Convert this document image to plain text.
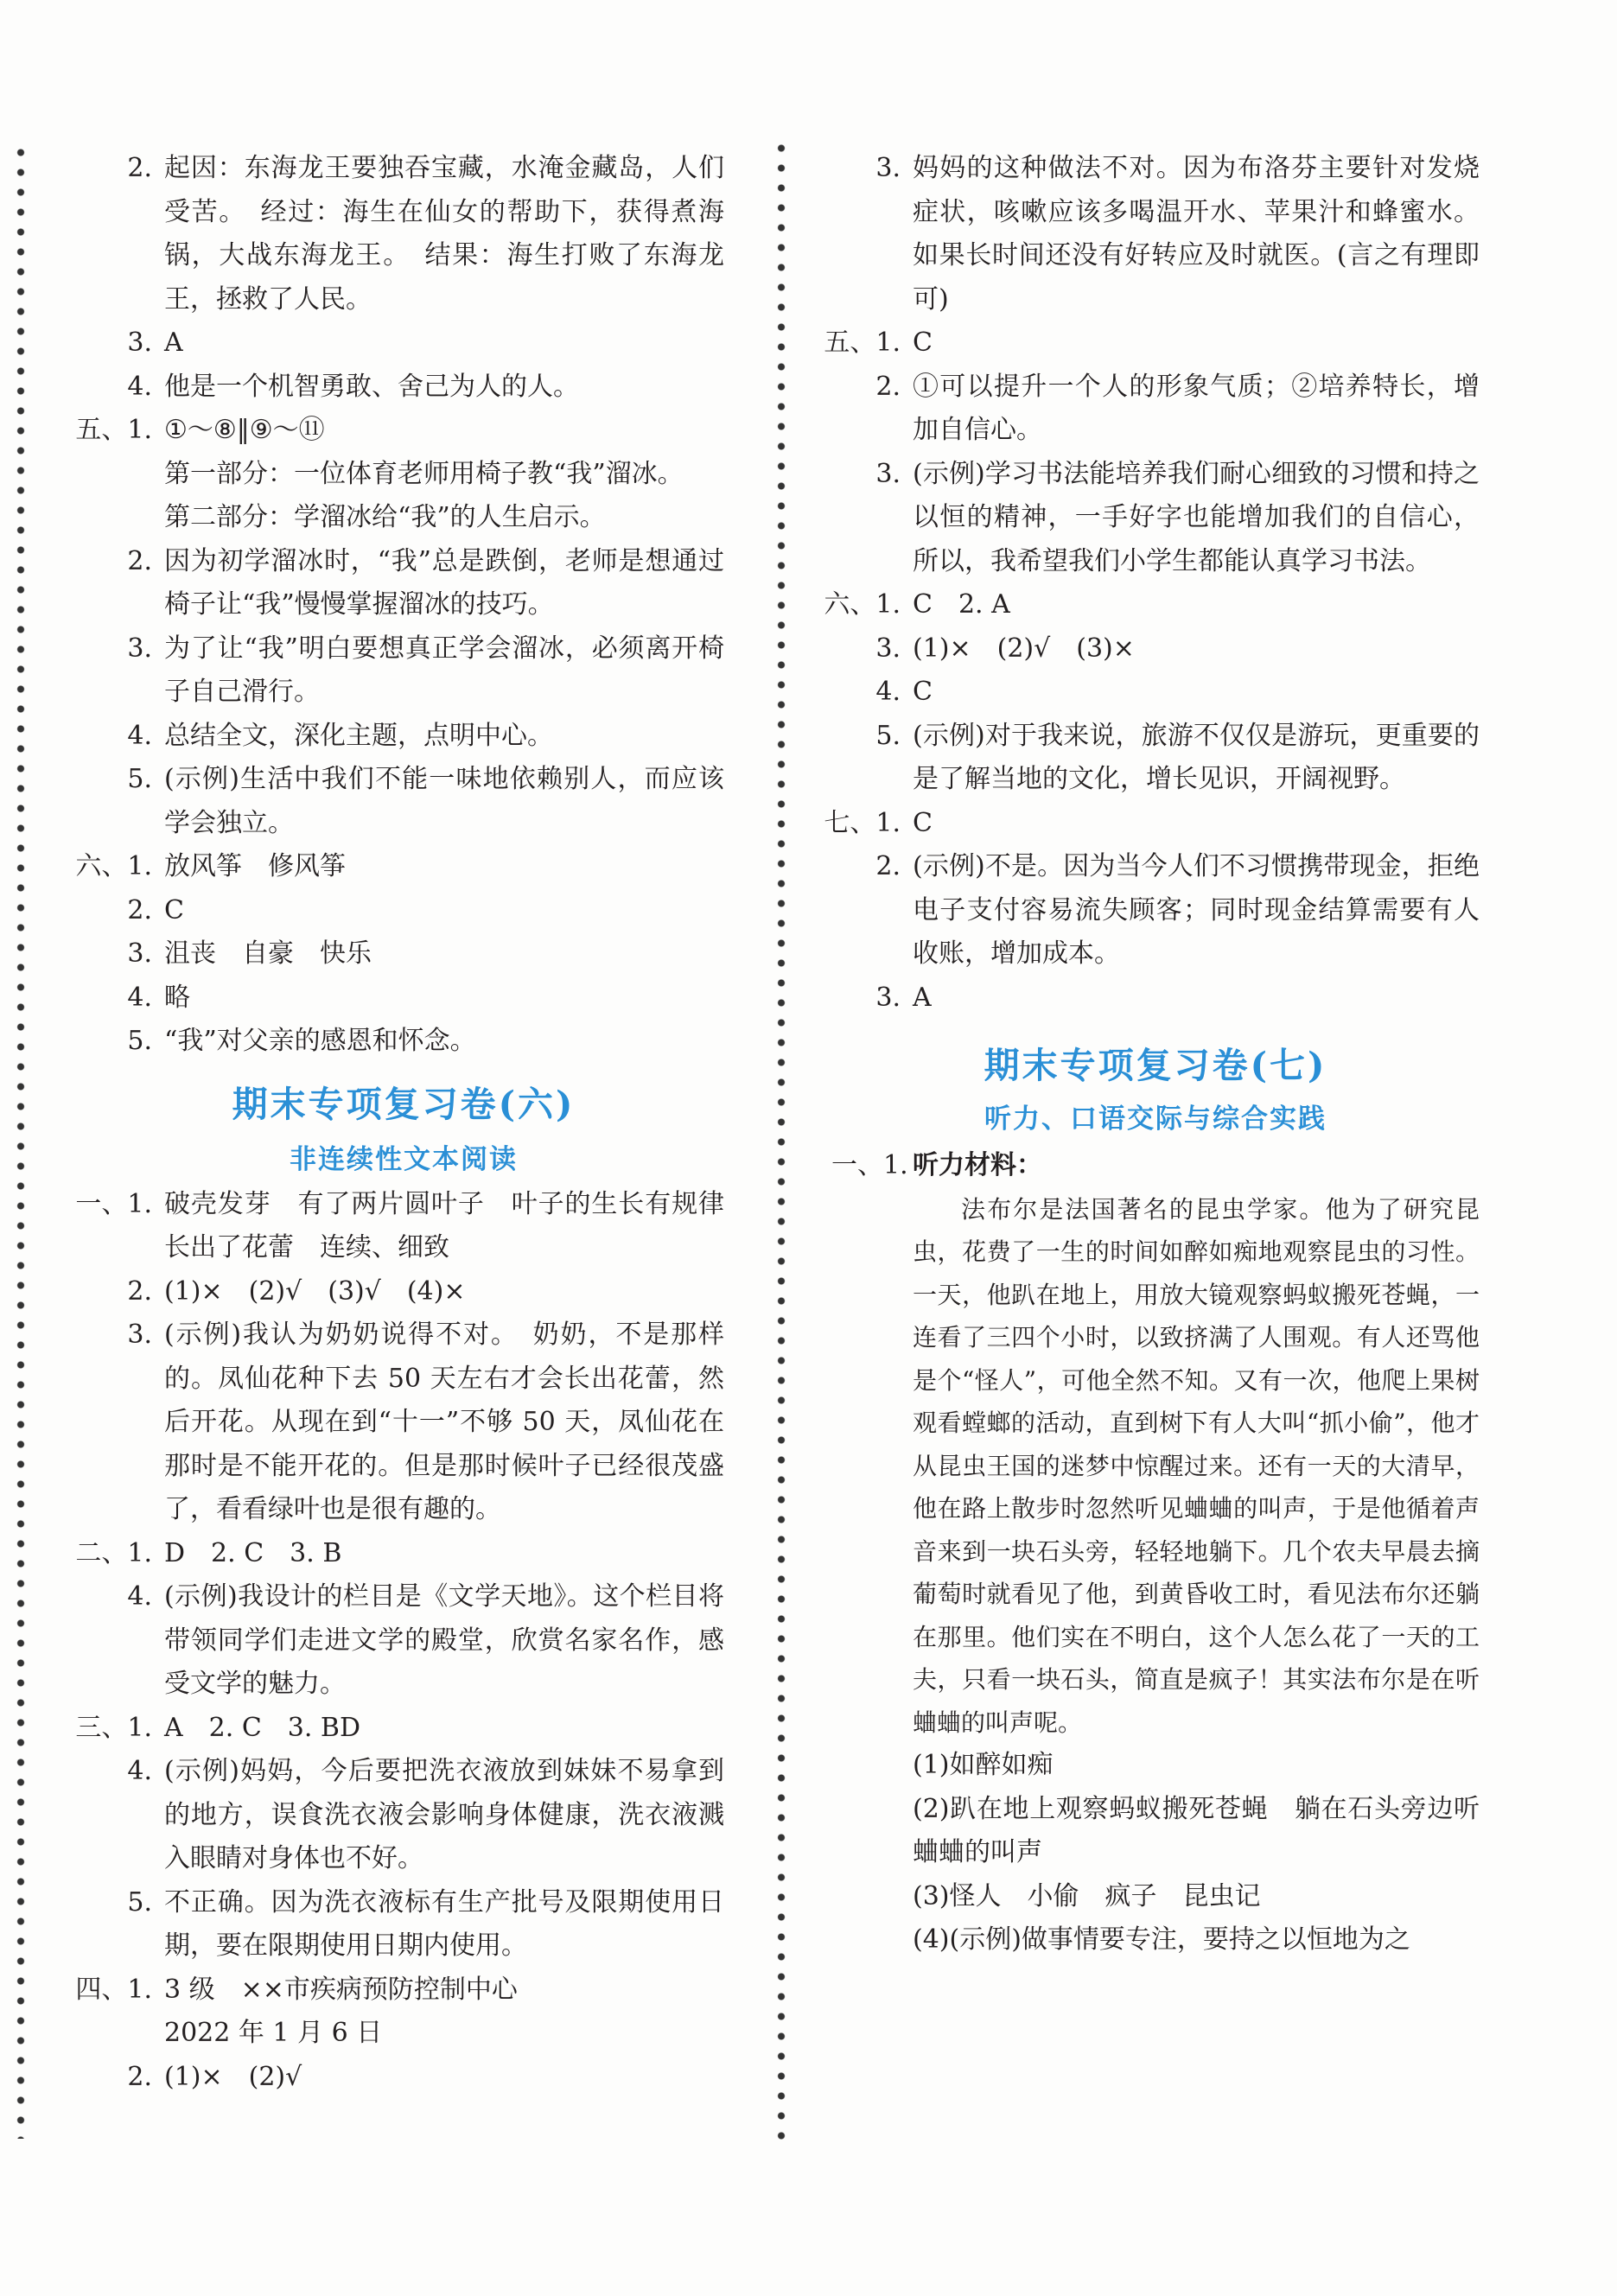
2. 起因：东海龙王要独吞宝藏，水淹金藏岛，人们受苦。　经过：海生在仙女的帮助下，获得煮海锅，大战东海龙王。　结果：海生打败了东海龙王，拯救了人民。

3. A

4. 他是一个机智勇敢、舍己为人的人。

五、1. ①～⑧‖⑨～⑪

第一部分：一位体育老师用椅子教“我”溜冰。

第二部分：学溜冰给“我”的人生启示。

2. 因为初学溜冰时，“我”总是跌倒，老师是想通过椅子让“我”慢慢掌握溜冰的技巧。

3. 为了让“我”明白要想真正学会溜冰，必须离开椅子自己滑行。

4. 总结全文，深化主题，点明中心。

5. (示例)生活中我们不能一味地依赖别人，而应该学会独立。

六、1. 放风筝　修风筝

2. C

3. 沮丧　自豪　快乐

4. 略

5. “我”对父亲的感恩和怀念。

期末专项复习卷(六)
非连续性文本阅读
一、1. 破壳发芽　有了两片圆叶子　叶子的生长有规律　长出了花蕾　连续、细致

2. (1)×　(2)√　(3)√　(4)×

3. (示例)我认为奶奶说得不对。　奶奶，不是那样的。凤仙花种下去 50 天左右才会长出花蕾，然后开花。从现在到“十一”不够 50 天，凤仙花在那时是不能开花的。但是那时候叶子已经很茂盛了，看看绿叶也是很有趣的。

二、1. D　2. C　3. B

4. (示例)我设计的栏目是《文学天地》。这个栏目将带领同学们走进文学的殿堂，欣赏名家名作，感受文学的魅力。

三、1. A　2. C　3. BD

4. (示例)妈妈，今后要把洗衣液放到妹妹不易拿到的地方，误食洗衣液会影响身体健康，洗衣液溅入眼睛对身体也不好。

5. 不正确。因为洗衣液标有生产批号及限期使用日期，要在限期使用日期内使用。

四、1. 3 级　××市疾病预防控制中心

2022 年 1 月 6 日

2. (1)×　(2)√

3. 妈妈的这种做法不对。因为布洛芬主要针对发烧症状，咳嗽应该多喝温开水、苹果汁和蜂蜜水。如果长时间还没有好转应及时就医。(言之有理即可)

五、1. C

2. ①可以提升一个人的形象气质；②培养特长，增加自信心。

3. (示例)学习书法能培养我们耐心细致的习惯和持之以恒的精神，一手好字也能增加我们的自信心，所以，我希望我们小学生都能认真学习书法。

六、1. C　2. A

3. (1)×　(2)√　(3)×

4. C

5. (示例)对于我来说，旅游不仅仅是游玩，更重要的是了解当地的文化，增长见识，开阔视野。

七、1. C

2. (示例)不是。因为当今人们不习惯携带现金，拒绝电子支付容易流失顾客；同时现金结算需要有人收账，增加成本。

3. A

期末专项复习卷(七)
听力、口语交际与综合实践
一、1. 听力材料：

法布尔是法国著名的昆虫学家。他为了研究昆虫，花费了一生的时间如醉如痴地观察昆虫的习性。一天，他趴在地上，用放大镜观察蚂蚁搬死苍蝇，一连看了三四个小时，以致挤满了人围观。有人还骂他是个“怪人”，可他全然不知。又有一次，他爬上果树观看螳螂的活动，直到树下有人大叫“抓小偷”，他才从昆虫王国的迷梦中惊醒过来。还有一天的大清早，他在路上散步时忽然听见蛐蛐的叫声，于是他循着声音来到一块石头旁，轻轻地躺下。几个农夫早晨去摘葡萄时就看见了他，到黄昏收工时，看见法布尔还躺在那里。他们实在不明白，这个人怎么花了一天的工夫，只看一块石头，简直是疯子！其实法布尔是在听蛐蛐的叫声呢。

(1)如醉如痴
(2)趴在地上观察蚂蚁搬死苍蝇　躺在石头旁边听蛐蛐的叫声
(3)怪人　小偷　疯子　昆虫记
(4)(示例)做事情要专注，要持之以恒地为之
